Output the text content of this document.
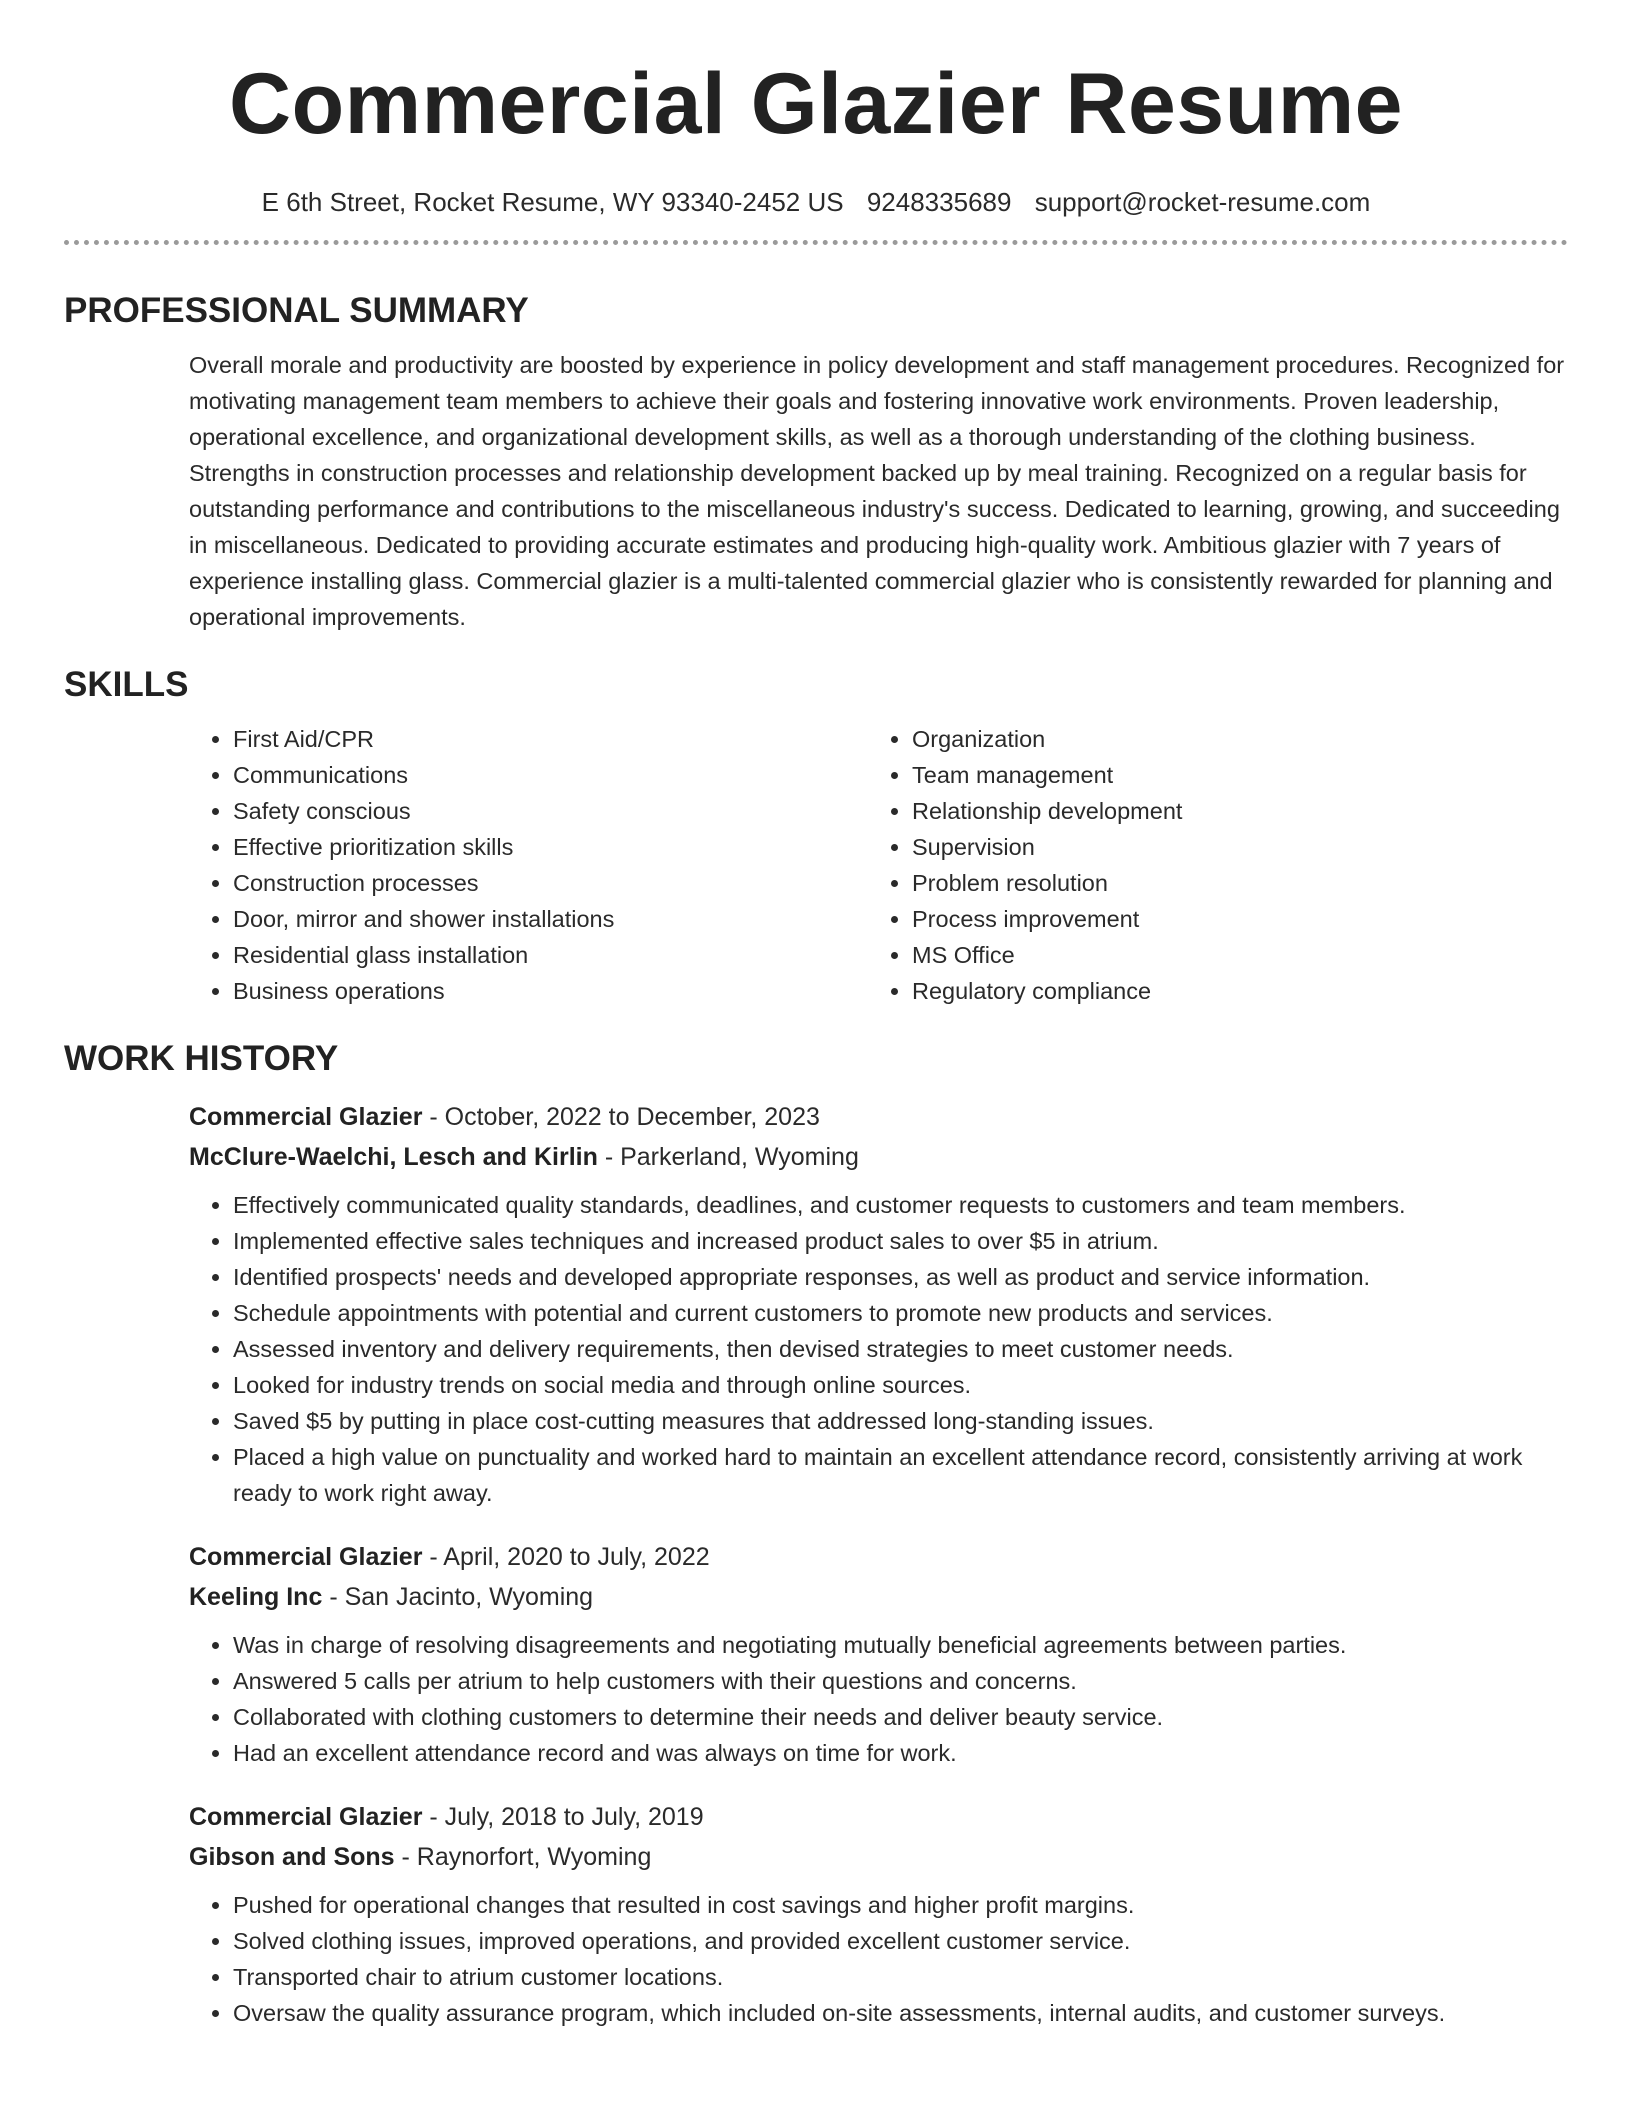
Commercial Glazier Resume
E 6th Street, Rocket Resume, WY 93340-2452 US 9248335689 support@rocket-resume.com
PROFESSIONAL SUMMARY

Overall morale and productivity are boosted by experience in policy development and staff management procedures. Recognized for motivating management team members to achieve their goals and fostering innovative work environments. Proven leadership, operational excellence, and organizational development skills, as well as a thorough understanding of the clothing business. Strengths in construction processes and relationship development backed up by meal training. Recognized on a regular basis for outstanding performance and contributions to the miscellaneous industry's success. Dedicated to learning, growing, and succeeding in miscellaneous. Dedicated to providing accurate estimates and producing high-quality work. Ambitious glazier with 7 years of experience installing glass. Commercial glazier is a multi-talented commercial glazier who is consistently rewarded for planning and operational improvements.

SKILLS
• First Aid/CPR
• Communications
• Safety conscious
• Effective prioritization skills
• Construction processes
• Door, mirror and shower installations
• Residential glass installation
• Business operations
• Organization
• Team management
• Relationship development
• Supervision
• Problem resolution
• Process improvement
• MS Office
• Regulatory compliance
WORK HISTORY
Commercial Glazier - October, 2022 to December, 2023
McClure-Waelchi, Lesch and Kirlin - Parkerland, Wyoming
• Effectively communicated quality standards, deadlines, and customer requests to customers and team members.
• Implemented effective sales techniques and increased product sales to over $5 in atrium.
• Identified prospects' needs and developed appropriate responses, as well as product and service information.
• Schedule appointments with potential and current customers to promote new products and services.
• Assessed inventory and delivery requirements, then devised strategies to meet customer needs.
• Looked for industry trends on social media and through online sources.
• Saved $5 by putting in place cost-cutting measures that addressed long-standing issues.
• Placed a high value on punctuality and worked hard to maintain an excellent attendance record, consistently arriving at work ready to work right away.
Commercial Glazier - April, 2020 to July, 2022
Keeling Inc - San Jacinto, Wyoming
• Was in charge of resolving disagreements and negotiating mutually beneficial agreements between parties.
• Answered 5 calls per atrium to help customers with their questions and concerns.
• Collaborated with clothing customers to determine their needs and deliver beauty service.
• Had an excellent attendance record and was always on time for work.
Commercial Glazier - July, 2018 to July, 2019
Gibson and Sons - Raynorfort, Wyoming
• Pushed for operational changes that resulted in cost savings and higher profit margins.
• Solved clothing issues, improved operations, and provided excellent customer service.
• Transported chair to atrium customer locations.
• Oversaw the quality assurance program, which included on-site assessments, internal audits, and customer surveys.
